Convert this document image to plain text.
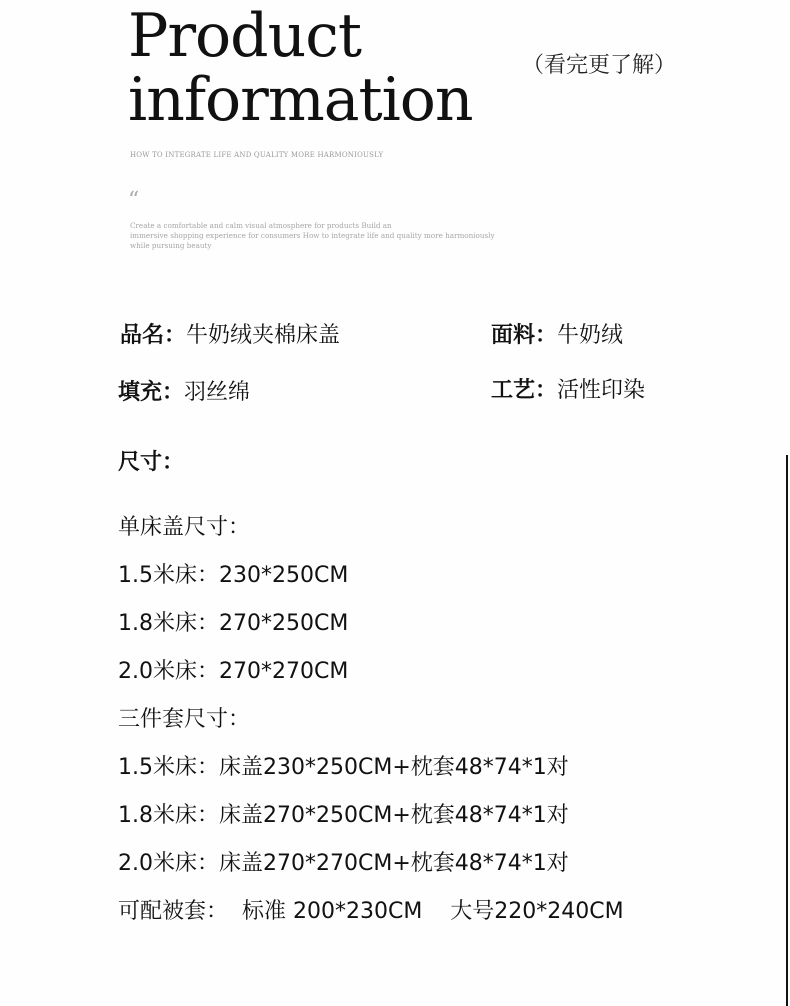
Product
information （看完更了解）
HOW TO INTEGRATE LIFE AND QUALITY MORE HARMONIOUSLY
“
Create a comfortable and calm visual atmosphere for products Build an
immersive shopping experience for consumers How to integrate life and quality more harmoniously
while pursuing beauty
品名：牛奶绒夹棉床盖	面料：牛奶绒
填充：羽丝绵	工艺：活性印染
尺寸：
单床盖尺寸：
1.5米床：230*250CM
1.8米床：270*250CM
2.0米床：270*270CM
三件套尺寸：
1.5米床：床盖230*250CM+枕套48*74*1对
1.8米床：床盖270*250CM+枕套48*74*1对
2.0米床：床盖270*270CM+枕套48*74*1对
可配被套：  标准 200*230CM    大号220*240CM
